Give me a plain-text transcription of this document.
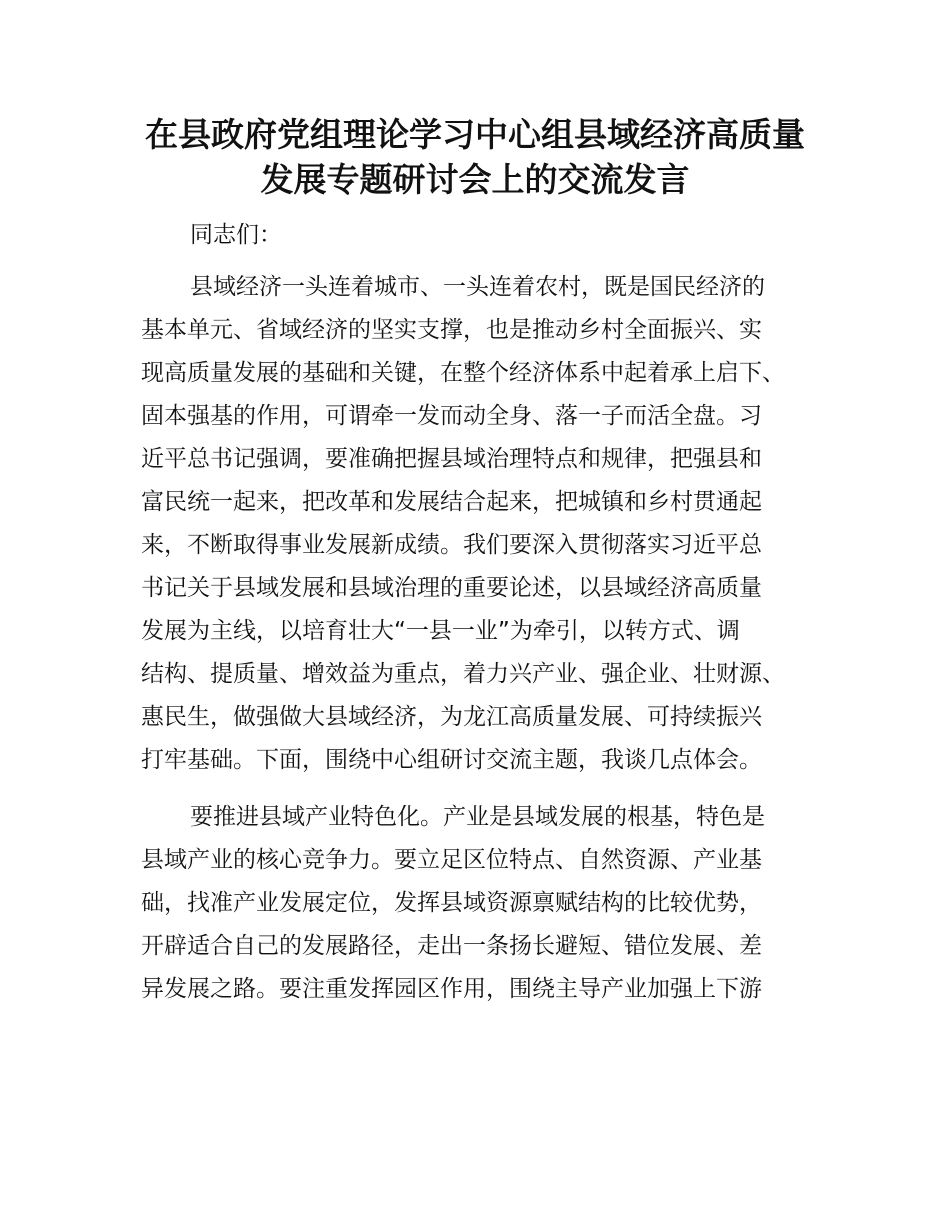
在县政府党组理论学习中心组县域经济高质量
发展专题研讨会上的交流发言
同志们：
县域经济一头连着城市、一头连着农村，既是国民经济的
基本单元、省域经济的坚实支撑，也是推动乡村全面振兴、实
现高质量发展的基础和关键，在整个经济体系中起着承上启下、
固本强基的作用，可谓牵一发而动全身、落一子而活全盘。习
近平总书记强调，要准确把握县域治理特点和规律，把强县和
富民统一起来，把改革和发展结合起来，把城镇和乡村贯通起
来，不断取得事业发展新成绩。我们要深入贯彻落实习近平总
书记关于县域发展和县域治理的重要论述，以县域经济高质量
发展为主线，以培育壮大“一县一业”为牵引，以转方式、调
结构、提质量、增效益为重点，着力兴产业、强企业、壮财源、
惠民生，做强做大县域经济，为龙江高质量发展、可持续振兴
打牢基础。下面，围绕中心组研讨交流主题，我谈几点体会。
要推进县域产业特色化。产业是县域发展的根基，特色是
县域产业的核心竞争力。要立足区位特点、自然资源、产业基
础，找准产业发展定位，发挥县域资源禀赋结构的比较优势，
开辟适合自己的发展路径，走出一条扬长避短、错位发展、差
异发展之路。要注重发挥园区作用，围绕主导产业加强上下游
